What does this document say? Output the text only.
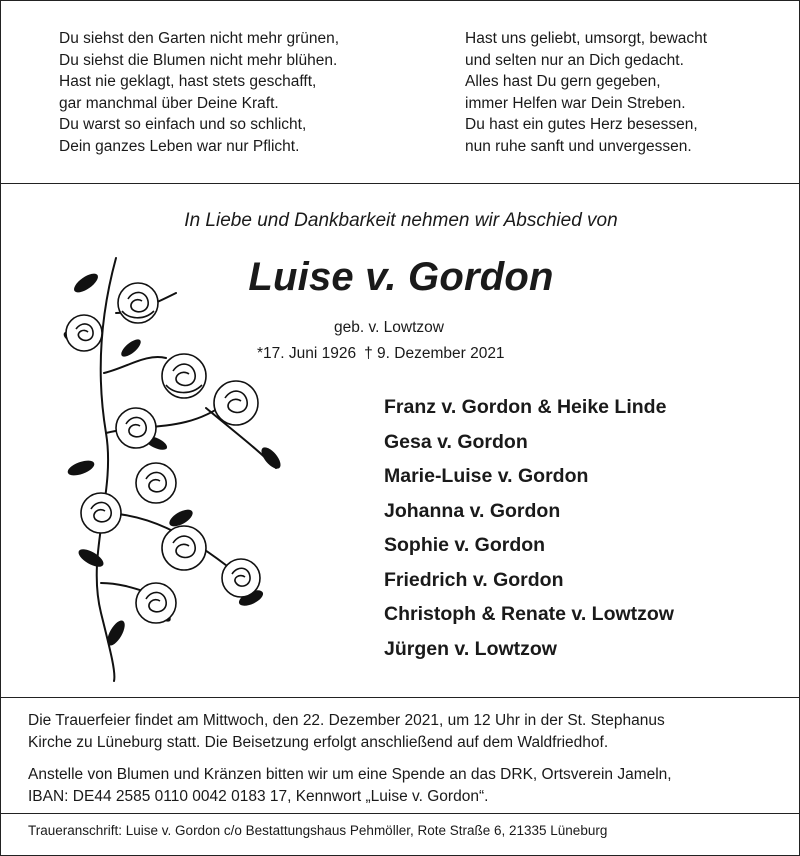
Du siehst den Garten nicht mehr grünen,
Du siehst die Blumen nicht mehr blühen.
Hast nie geklagt, hast stets geschafft,
gar manchmal über Deine Kraft.
Du warst so einfach und so schlicht,
Dein ganzes Leben war nur Pflicht.
Hast uns geliebt, umsorgt, bewacht
und selten nur an Dich gedacht.
Alles hast Du gern gegeben,
immer Helfen war Dein Streben.
Du hast ein gutes Herz besessen,
nun ruhe sanft und unvergessen.
In Liebe und Dankbarkeit nehmen wir Abschied von
Luise v. Gordon
geb. v. Lowtzow
*17. Juni 1926 † 9. Dezember 2021
Franz v. Gordon & Heike Linde
Gesa v. Gordon
Marie-Luise v. Gordon
Johanna v. Gordon
Sophie v. Gordon
Friedrich v. Gordon
Christoph & Renate v. Lowtzow
Jürgen v. Lowtzow
Die Trauerfeier findet am Mittwoch, den 22. Dezember 2021, um 12 Uhr in der St. Stephanus
Kirche zu Lüneburg statt. Die Beisetzung erfolgt anschließend auf dem Waldfriedhof.
Anstelle von Blumen und Kränzen bitten wir um eine Spende an das DRK, Ortsverein Jameln,
IBAN: DE44 2585 0110 0042 0183 17, Kennwort „Luise v. Gordon“.
Traueranschrift: Luise v. Gordon c/o Bestattungshaus Pehmöller, Rote Straße 6, 21335 Lüneburg
